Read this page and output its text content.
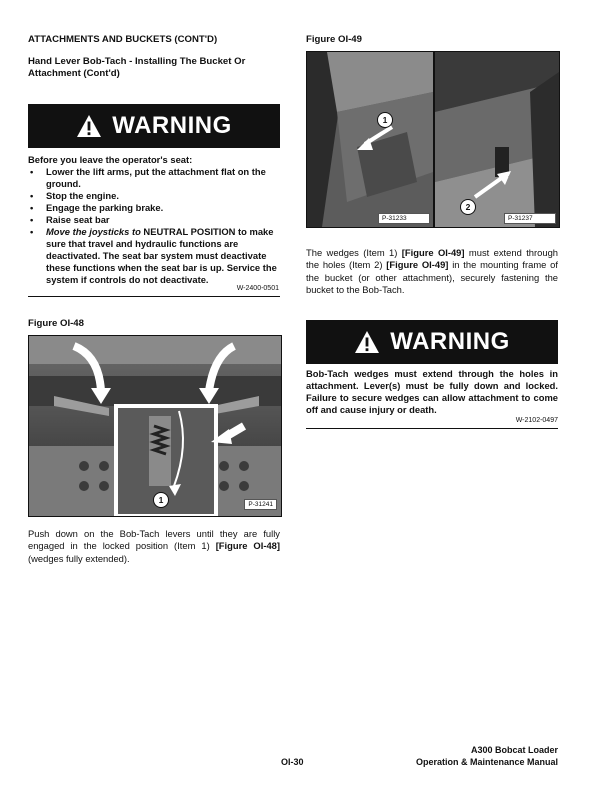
ATTACHMENTS AND BUCKETS (CONT'D)
Hand Lever Bob-Tach - Installing The Bucket Or Attachment (Cont'd)
WARNING
Before you leave the operator's seat:
• Lower the lift arms, put the attachment flat on the ground.
• Stop the engine.
• Engage the parking brake.
• Raise seat bar
• Move the joysticks to NEUTRAL POSITION to make sure that travel and hydraulic functions are deactivated. The seat bar system must deactivate these functions when the seat bar is up. Service the system if controls do not deactivate.
W-2400-0501
Figure OI-48
P-31241
1
Push down on the Bob-Tach levers until they are fully engaged in the locked position (Item 1) [Figure OI-48] (wedges fully extended).
Figure OI-49
1
P-31233
2
P-31237
The wedges (Item 1) [Figure OI-49] must extend through the holes (Item 2) [Figure OI-49] in the mounting frame of the bucket (or other attachment), securely fastening the bucket to the Bob-Tach.
WARNING
Bob-Tach wedges must extend through the holes in attachment. Lever(s) must be fully down and locked. Failure to secure wedges can allow attachment to come off and cause injury or death.
W-2102-0497
OI-30
A300 Bobcat Loader
Operation & Maintenance Manual
